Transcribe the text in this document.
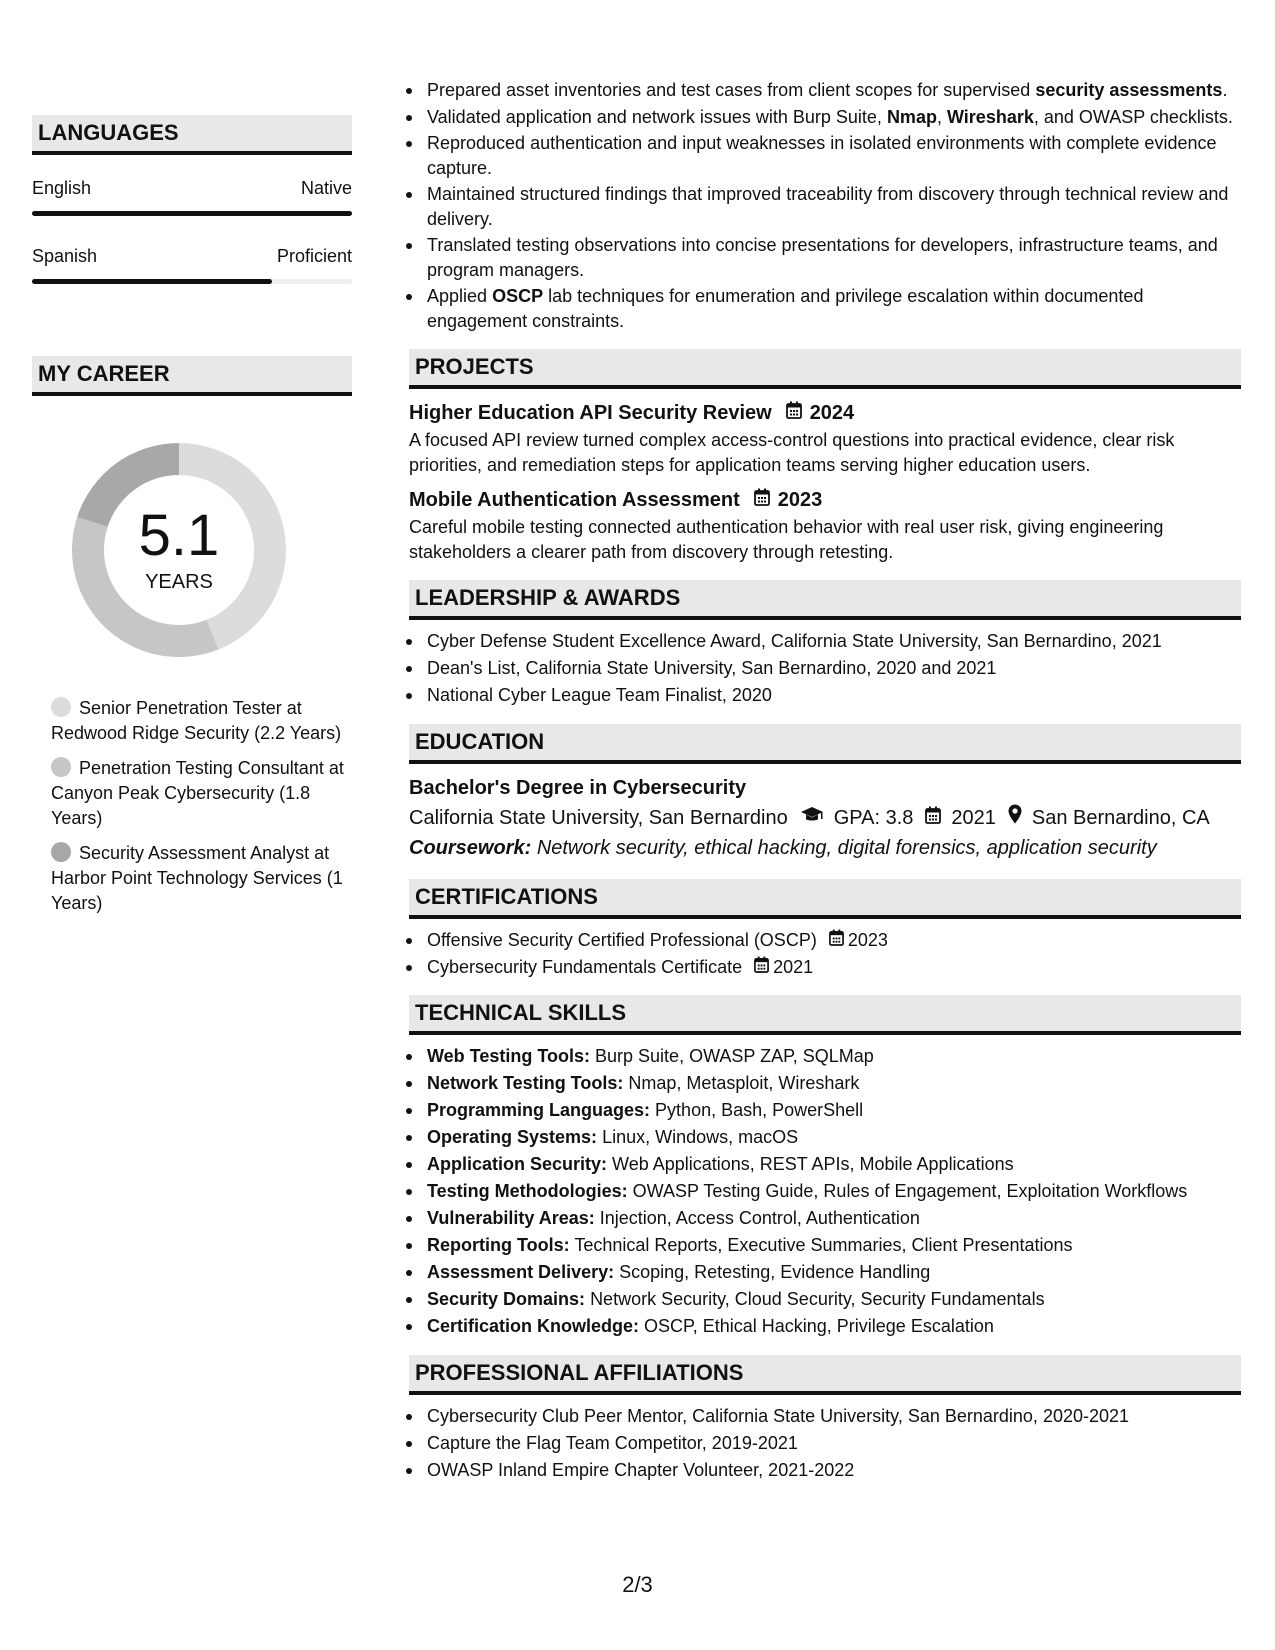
LANGUAGES
English	Native
Spanish	Proficient
MY CAREER
5.1
YEARS
Senior Penetration Tester at Redwood Ridge Security (2.2 Years)
Penetration Testing Consultant at Canyon Peak Cybersecurity (1.8 Years)
Security Assessment Analyst at Harbor Point Technology Services (1 Years)
Prepared asset inventories and test cases from client scopes for supervised security assessments.
Validated application and network issues with Burp Suite, Nmap, Wireshark, and OWASP checklists.
Reproduced authentication and input weaknesses in isolated environments with complete evidence capture.
Maintained structured findings that improved traceability from discovery through technical review and delivery.
Translated testing observations into concise presentations for developers, infrastructure teams, and program managers.
Applied OSCP lab techniques for enumeration and privilege escalation within documented engagement constraints.
PROJECTS
Higher Education API Security Review 2024
A focused API review turned complex access-control questions into practical evidence, clear risk priorities, and remediation steps for application teams serving higher education users.
Mobile Authentication Assessment 2023
Careful mobile testing connected authentication behavior with real user risk, giving engineering stakeholders a clearer path from discovery through retesting.
LEADERSHIP & AWARDS
Cyber Defense Student Excellence Award, California State University, San Bernardino, 2021
Dean's List, California State University, San Bernardino, 2020 and 2021
National Cyber League Team Finalist, 2020
EDUCATION
Bachelor's Degree in Cybersecurity
California State University, San Bernardino GPA: 3.8 2021 San Bernardino, CA
Coursework: Network security, ethical hacking, digital forensics, application security
CERTIFICATIONS
Offensive Security Certified Professional (OSCP) 2023
Cybersecurity Fundamentals Certificate 2021
TECHNICAL SKILLS
Web Testing Tools: Burp Suite, OWASP ZAP, SQLMap
Network Testing Tools: Nmap, Metasploit, Wireshark
Programming Languages: Python, Bash, PowerShell
Operating Systems: Linux, Windows, macOS
Application Security: Web Applications, REST APIs, Mobile Applications
Testing Methodologies: OWASP Testing Guide, Rules of Engagement, Exploitation Workflows
Vulnerability Areas: Injection, Access Control, Authentication
Reporting Tools: Technical Reports, Executive Summaries, Client Presentations
Assessment Delivery: Scoping, Retesting, Evidence Handling
Security Domains: Network Security, Cloud Security, Security Fundamentals
Certification Knowledge: OSCP, Ethical Hacking, Privilege Escalation
PROFESSIONAL AFFILIATIONS
Cybersecurity Club Peer Mentor, California State University, San Bernardino, 2020-2021
Capture the Flag Team Competitor, 2019-2021
OWASP Inland Empire Chapter Volunteer, 2021-2022
2/3
